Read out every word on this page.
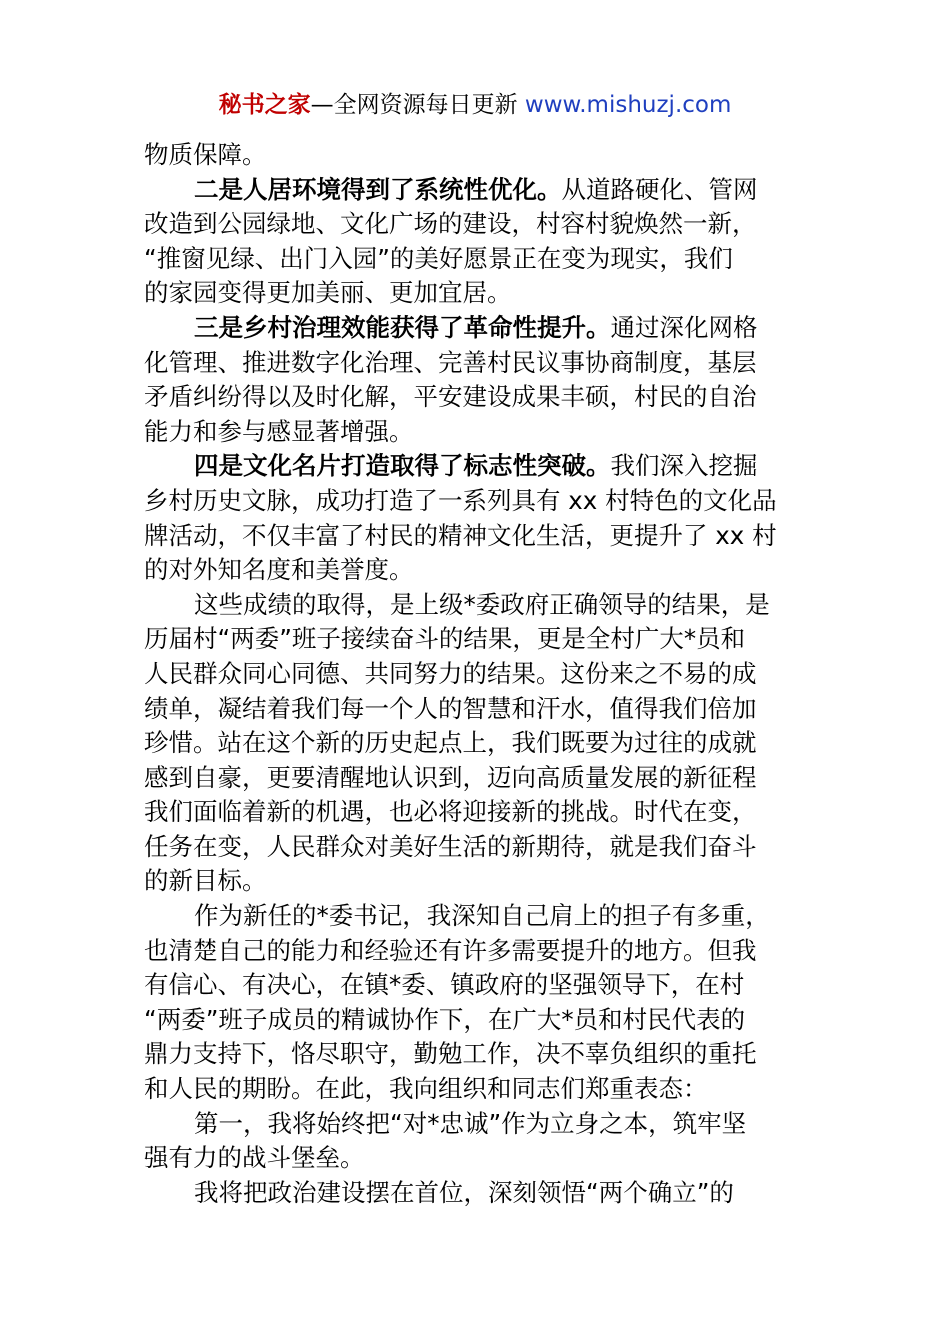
秘书之家—全网资源每日更新 www.mishuzj.com
物质保障。
二是人居环境得到了系统性优化。从道路硬化、管网
改造到公园绿地、文化广场的建设，村容村貌焕然一新，
“推窗见绿、出门入园”的美好愿景正在变为现实，我们
的家园变得更加美丽、更加宜居。
三是乡村治理效能获得了革命性提升。通过深化网格
化管理、推进数字化治理、完善村民议事协商制度，基层
矛盾纠纷得以及时化解，平安建设成果丰硕，村民的自治
能力和参与感显著增强。
四是文化名片打造取得了标志性突破。我们深入挖掘
乡村历史文脉，成功打造了一系列具有 xx 村特色的文化品
牌活动，不仅丰富了村民的精神文化生活，更提升了 xx 村
的对外知名度和美誉度。
这些成绩的取得，是上级*委政府正确领导的结果，是
历届村“两委”班子接续奋斗的结果，更是全村广大*员和
人民群众同心同德、共同努力的结果。这份来之不易的成
绩单，凝结着我们每一个人的智慧和汗水，值得我们倍加
珍惜。站在这个新的历史起点上，我们既要为过往的成就
感到自豪，更要清醒地认识到，迈向高质量发展的新征程
我们面临着新的机遇，也必将迎接新的挑战。时代在变，
任务在变，人民群众对美好生活的新期待，就是我们奋斗
的新目标。
作为新任的*委书记，我深知自己肩上的担子有多重，
也清楚自己的能力和经验还有许多需要提升的地方。但我
有信心、有决心，在镇*委、镇政府的坚强领导下，在村
“两委”班子成员的精诚协作下，在广大*员和村民代表的
鼎力支持下，恪尽职守，勤勉工作，决不辜负组织的重托
和人民的期盼。在此，我向组织和同志们郑重表态：
第一，我将始终把“对*忠诚”作为立身之本，筑牢坚
强有力的战斗堡垒。
我将把政治建设摆在首位，深刻领悟“两个确立”的
